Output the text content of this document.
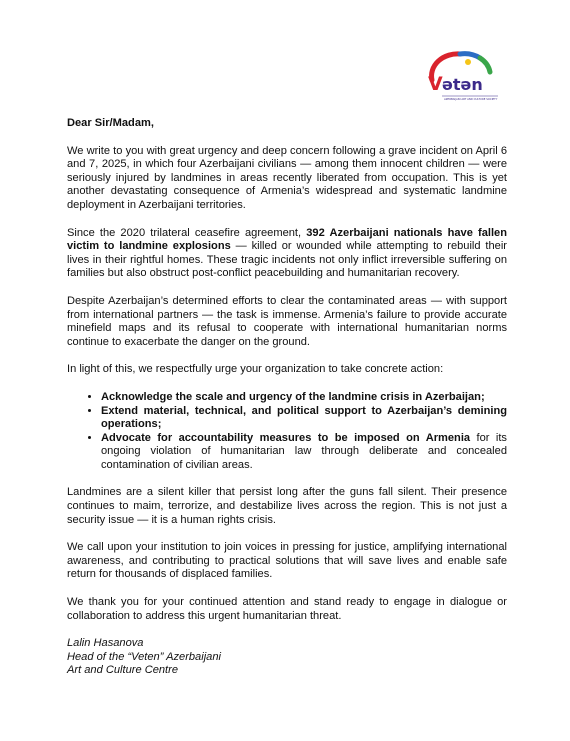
V ətən
AZERBAIJANI ART AND CULTURE SOCIETY

Dear Sir/Madam,

We write to you with great urgency and deep concern following a grave incident on April 6 and 7, 2025, in which four Azerbaijani civilians — among them innocent children — were seriously injured by landmines in areas recently liberated from occupation. This is yet another devastating consequence of Armenia’s widespread and systematic landmine deployment in Azerbaijani territories.

Since the 2020 trilateral ceasefire agreement, 392 Azerbaijani nationals have fallen victim to landmine explosions — killed or wounded while attempting to rebuild their lives in their rightful homes. These tragic incidents not only inflict irreversible suffering on families but also obstruct post-conflict peacebuilding and humanitarian recovery.

Despite Azerbaijan’s determined efforts to clear the contaminated areas — with support from international partners — the task is immense. Armenia’s failure to provide accurate minefield maps and its refusal to cooperate with international humanitarian norms continue to exacerbate the danger on the ground.

In light of this, we respectfully urge your organization to take concrete action:

• Acknowledge the scale and urgency of the landmine crisis in Azerbaijan;
• Extend material, technical, and political support to Azerbaijan’s demining operations;
• Advocate for accountability measures to be imposed on Armenia for its ongoing violation of humanitarian law through deliberate and concealed contamination of civilian areas.

Landmines are a silent killer that persist long after the guns fall silent. Their presence continues to maim, terrorize, and destabilize lives across the region. This is not just a security issue — it is a human rights crisis.

We call upon your institution to join voices in pressing for justice, amplifying international awareness, and contributing to practical solutions that will save lives and enable safe return for thousands of displaced families.

We thank you for your continued attention and stand ready to engage in dialogue or collaboration to address this urgent humanitarian threat.

Lalin Hasanova
Head of the “Veten” Azerbaijani
Art and Culture Centre
